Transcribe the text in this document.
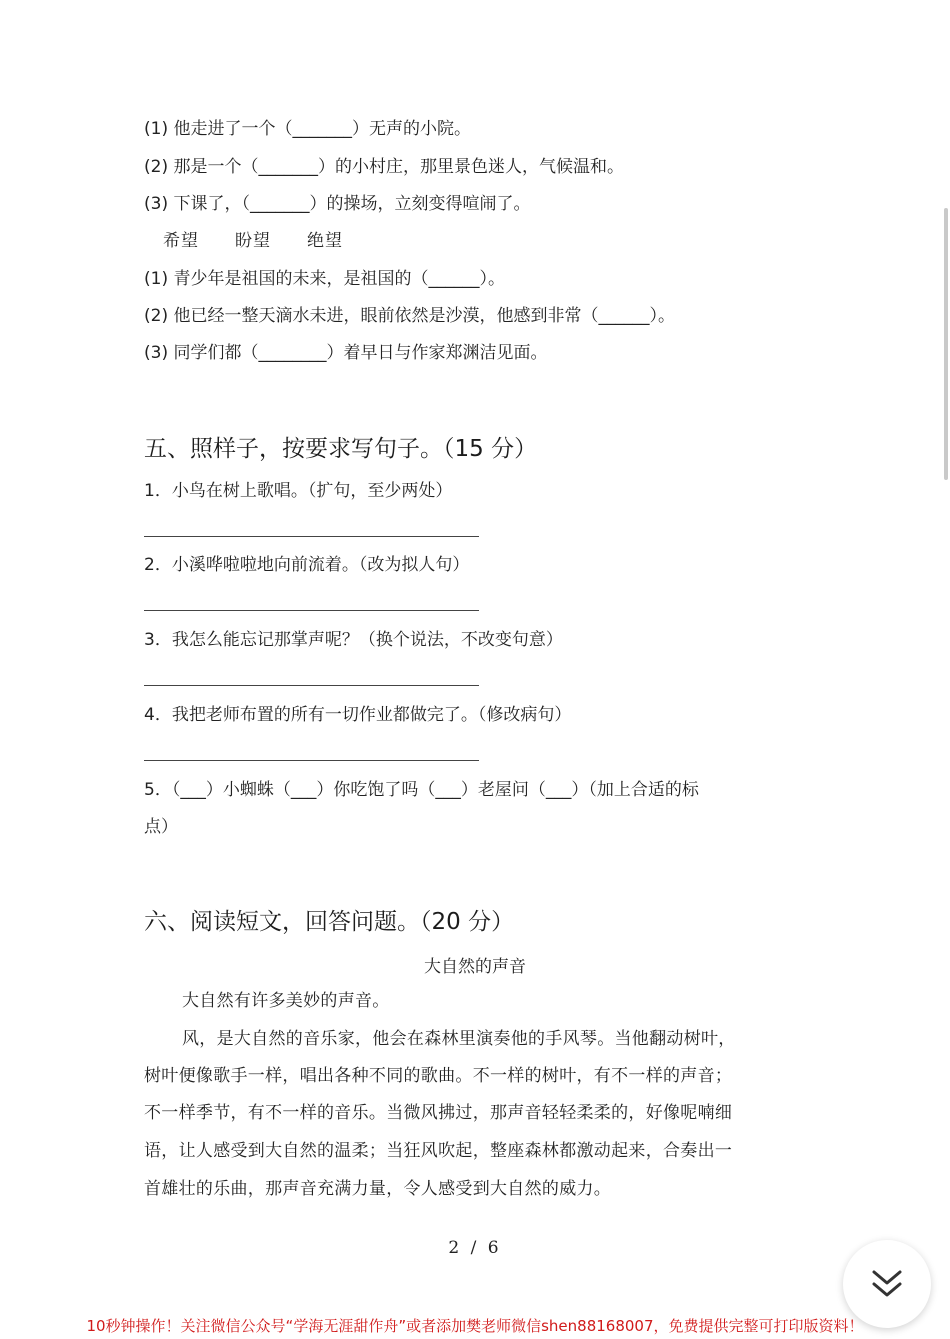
(1) 他走进了一个（_______）无声的小院。
(2) 那是一个（_______）的小村庄，那里景色迷人，气候温和。
(3) 下课了，（_______）的操场，立刻变得喧闹了。
希望　　盼望　　绝望
(1) 青少年是祖国的未来，是祖国的（______）。
(2) 他已经一整天滴水未进，眼前依然是沙漠，他感到非常（______）。
(3) 同学们都（________）着早日与作家郑渊洁见面。
五、照样子，按要求写句子。（15 分）
1．小鸟在树上歌唱。（扩句，至少两处）
2．小溪哗啦啦地向前流着。（改为拟人句）
3．我怎么能忘记那掌声呢？（换个说法，不改变句意）
4．我把老师布置的所有一切作业都做完了。（修改病句）
5．（___）小蜘蛛（___）你吃饱了吗（___）老屋问（___）（加上合适的标
点）
六、阅读短文，回答问题。（20 分）
大自然的声音
大自然有许多美妙的声音。
风，是大自然的音乐家，他会在森林里演奏他的手风琴。当他翻动树叶，
树叶便像歌手一样，唱出各种不同的歌曲。不一样的树叶，有不一样的声音；
不一样季节，有不一样的音乐。当微风拂过，那声音轻轻柔柔的，好像呢喃细
语，让人感受到大自然的温柔；当狂风吹起，整座森林都激动起来，合奏出一
首雄壮的乐曲，那声音充满力量，令人感受到大自然的威力。
2 / 6
10秒钟操作！关注微信公众号“学海无涯甜作舟”或者添加樊老师微信shen88168007，免费提供完整可打印版资料！
